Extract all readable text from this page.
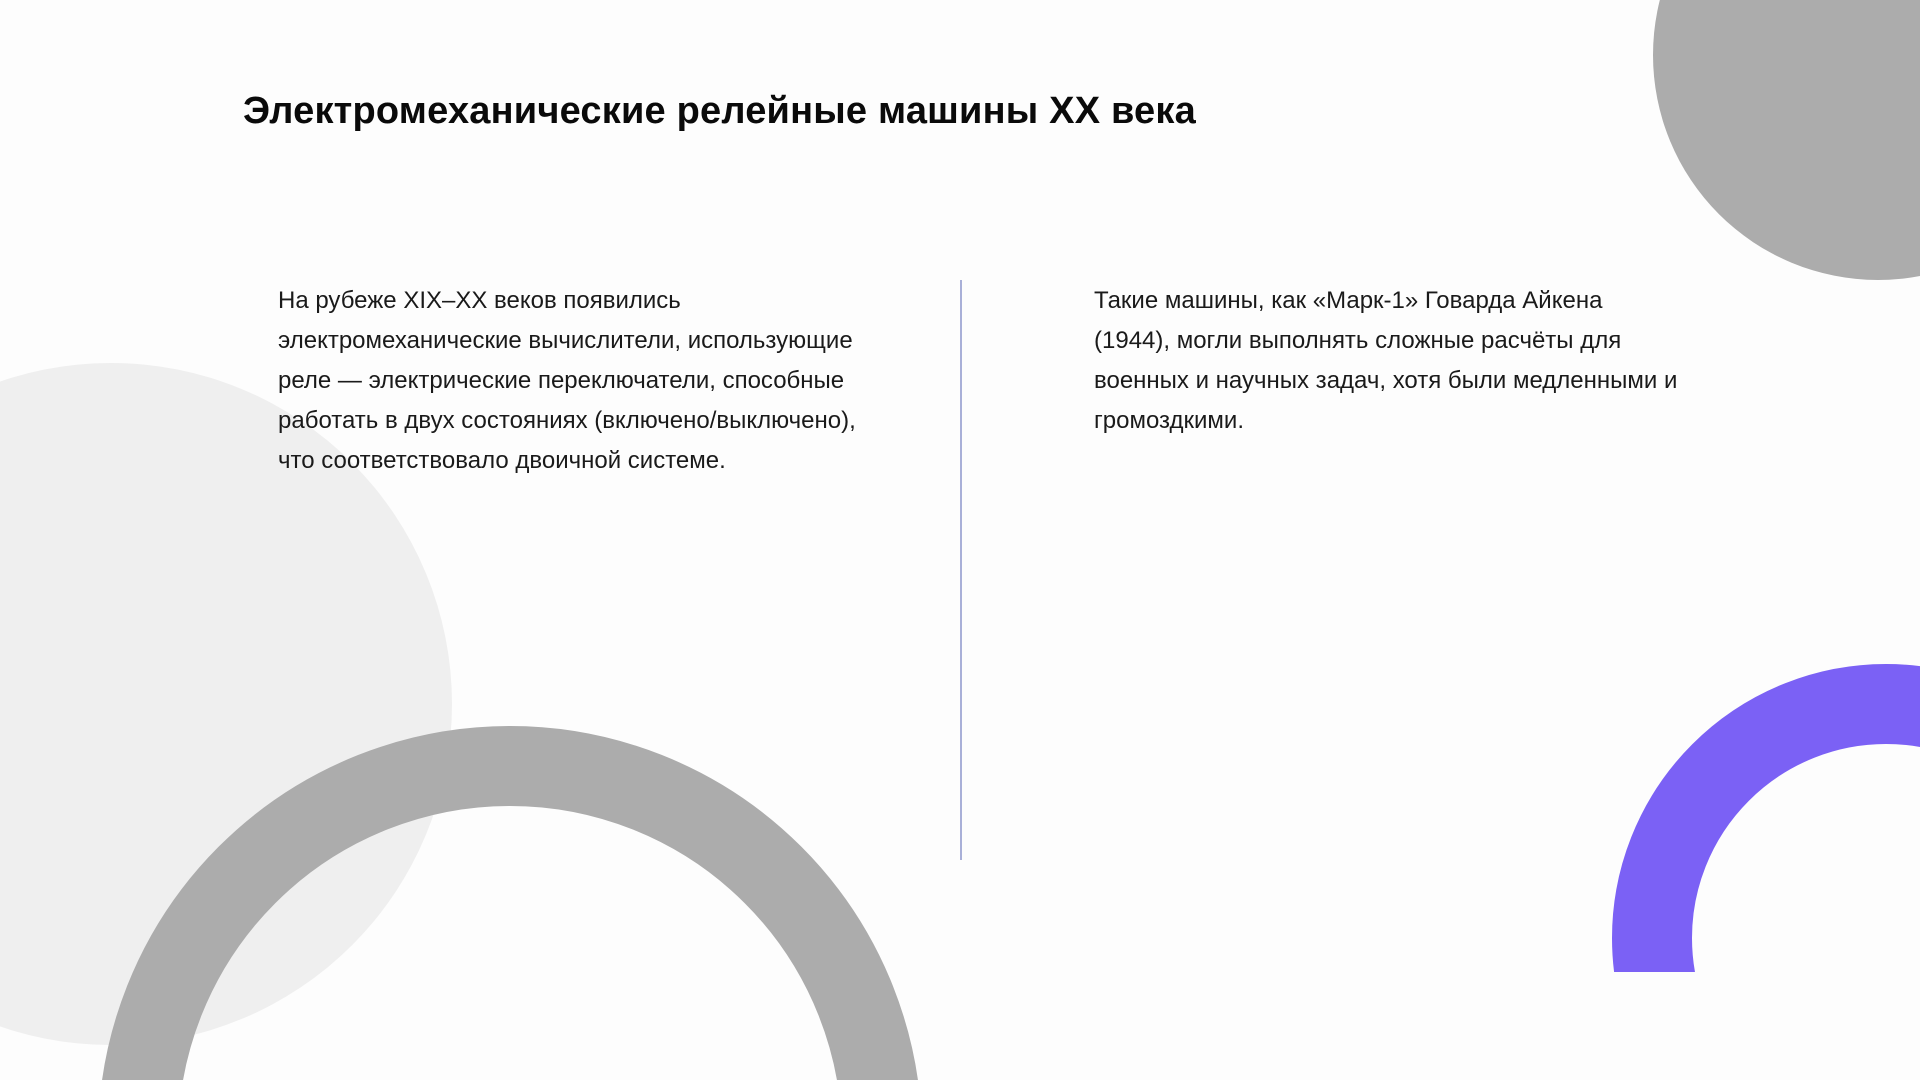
Электромеханические релейные машины XX века

На рубеже XIX–XX веков появились
электромеханические вычислители, использующие
реле — электрические переключатели, способные
работать в двух состояниях (включено/выключено),
что соответствовало двоичной системе.

Такие машины, как «Марк-1» Говарда Айкена
(1944), могли выполнять сложные расчёты для
военных и научных задач, хотя были медленными и
громоздкими.
